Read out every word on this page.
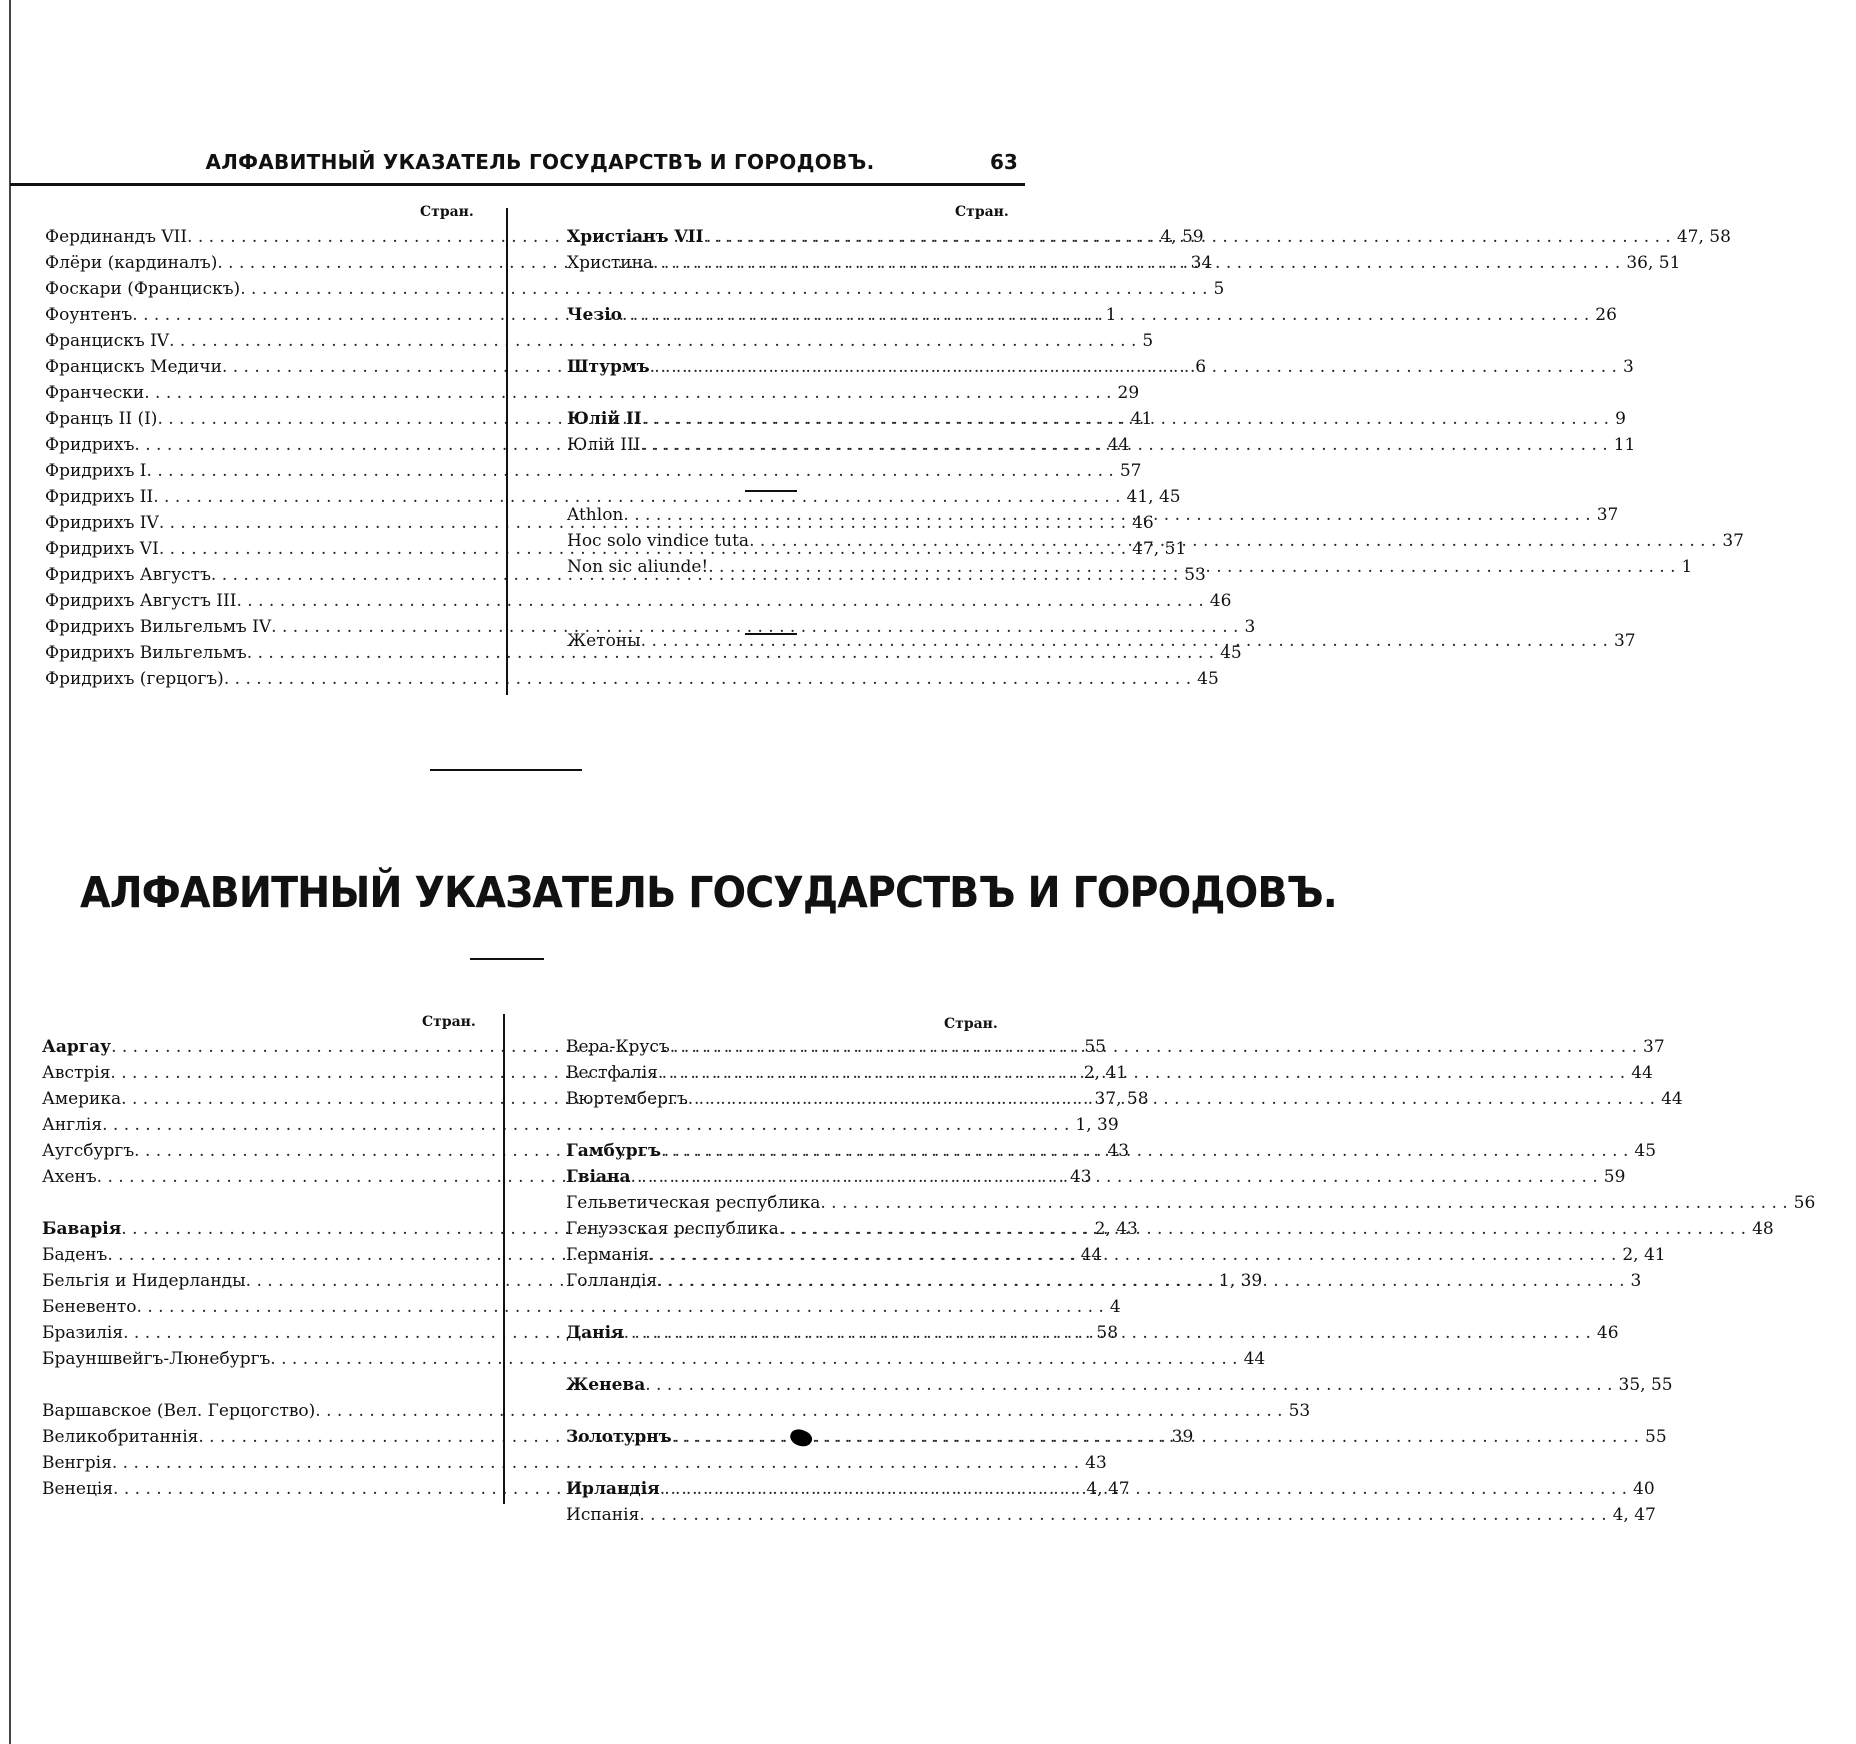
АЛФАВИТНЫЙ УКАЗАТЕЛЬ ГОСУДАРСТВЪ И ГОРОДОВЪ.	63
Стран.
Фердинандъ VII . . .	4, 59
Флёри (кардиналъ) . . .	34
Фоскари (Францискъ) . . .	5
Фоунтенъ . . .	1
Францискъ IV . . .	5
Францискъ Медичи . . .	6
Франчески . . .	29
Францъ II (I) . . .	41
Фридрихъ . . .	44
Фридрихъ I . . .	57
Фридрихъ II . . .	41, 45
Фридрихъ IV . . .	46
Фридрихъ VI . . .	47, 51
Фридрихъ Августъ . . .	53
Фридрихъ Августъ III . . .	46
Фридрихъ Вильгельмъ IV . . .	3
Фридрихъ Вильгельмъ . . .	45
Фридрихъ (герцогъ) . . .	45
Стран.
Христіанъ VII . . .	47, 58
Христина . . .	36, 51
Чезіо . . .	26
Штурмъ . . .	3
Юлій II . . .	9
Юлій III . . .	11
Athlon . . .	37
Hoc solo vindice tuta . . .	37
Non sic aliunde! . . .	1
Жетоны . . .	37
АЛФАВИТНЫЙ УКАЗАТЕЛЬ ГОСУДАРСТВЪ И ГОРОДОВЪ.
Стран.
Ааргау . . .	55
Австрія . . .	2, 41
Америка . . .	37, 58
Англія . . .	1, 39
Аугсбургъ . . .	43
Ахенъ . . .	43
Баварія . . .	2, 43
Баденъ . . .	44
Бельгія и Нидерланды . . .	1, 39
Беневенто . . .	4
Бразилія . . .	58
Брауншвейгъ-Люнебургъ . . .	44
Варшавское (Вел. Герцогство) . . .	53
Великобританнія . . .	39
Венгрія . . .	43
Венеція . . .	4, 47
Стран.
Вера-Крусъ . . .	37
Вестфалія . . .	44
Вюртембергъ . . .	44
Гамбургъ . . .	45
Гвіана . . .	59
Гельветическая республика . . .	56
Генуэзская республика . . .	48
Германія . . .	2, 41
Голландія . . .	3
Данія . . .	46
Женева . . .	35, 55
Золотурнъ . . .	55
Ирландія . . .	40
Испанія . . .	4, 47
